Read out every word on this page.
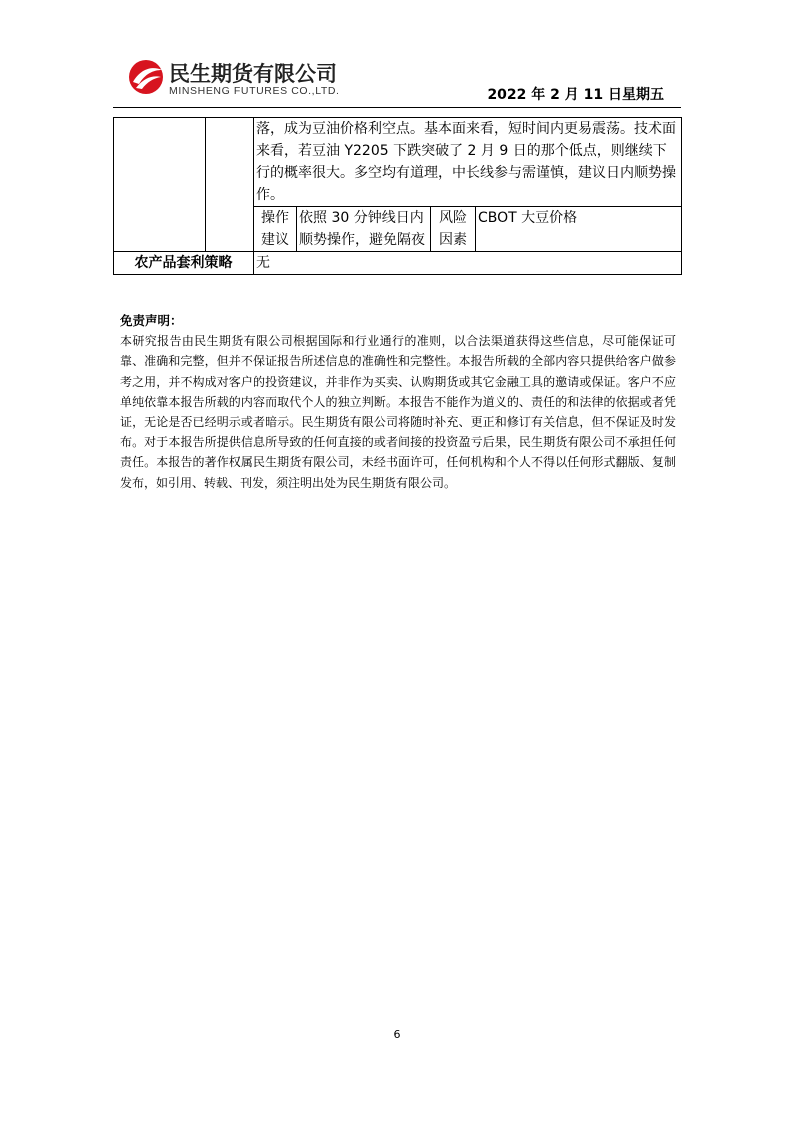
民生期货有限公司
MINSHENG FUTURES CO.,LTD.	2022 年 2 月 11 日星期五
		落，成为豆油价格利空点。基本面来看，短时间内更易震荡。技术面来看，若豆油 Y2205 下跌突破了 2 月 9 日的那个低点，则继续下行的概率很大。多空均有道理，中长线参与需谨慎，建议日内顺势操作。			
		操作建议	依照 30 分钟线日内顺势操作，避免隔夜	风险因素	CBOT 大豆价格
农产品套利策略		无			
免责声明：
本研究报告由民生期货有限公司根据国际和行业通行的准则，以合法渠道获得这些信息，尽可能保证可靠、准确和完整，但并不保证报告所述信息的准确性和完整性。本报告所载的全部内容只提供给客户做参考之用，并不构成对客户的投资建议，并非作为买卖、认购期货或其它金融工具的邀请或保证。客户不应单纯依靠本报告所载的内容而取代个人的独立判断。本报告不能作为道义的、责任的和法律的依据或者凭证，无论是否已经明示或者暗示。民生期货有限公司将随时补充、更正和修订有关信息，但不保证及时发布。对于本报告所提供信息所导致的任何直接的或者间接的投资盈亏后果，民生期货有限公司不承担任何责任。本报告的著作权属民生期货有限公司，未经书面许可，任何机构和个人不得以任何形式翻版、复制发布，如引用、转载、刊发，须注明出处为民生期货有限公司。
6
